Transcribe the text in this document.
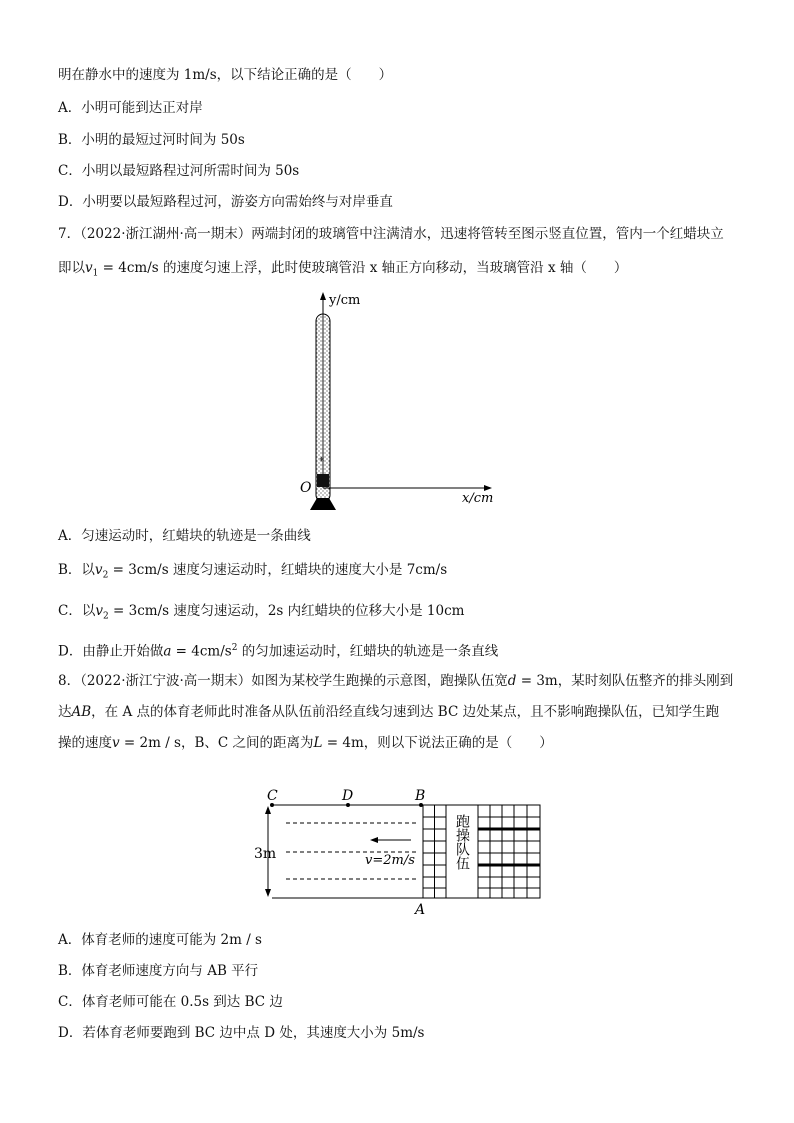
明在静水中的速度为 1m/s，以下结论正确的是（　　）
A．小明可能到达正对岸
B．小明的最短过河时间为 50s
C．小明以最短路程过河所需时间为 50s
D．小明要以最短路程过河，游姿方向需始终与对岸垂直
7．（2022·浙江湖州·高一期末）两端封闭的玻璃管中注满清水，迅速将管转至图示竖直位置，管内一个红蜡块立
即以$v_1 = 4cm/s$ 的速度匀速上浮，此时使玻璃管沿 x 轴正方向移动，当玻璃管沿 x 轴（　　）
y/cm
x/cm
O
*
A．匀速运动时，红蜡块的轨迹是一条曲线
B．以$v_2 = 3cm/s$ 速度匀速运动时，红蜡块的速度大小是 7cm/s
C．以$v_2 = 3cm/s$ 速度匀速运动，2s 内红蜡块的位移大小是 10cm
D．由静止开始做$a = 4cm/s^2$ 的匀加速运动时，红蜡块的轨迹是一条直线
8．（2022·浙江宁波·高一期末）如图为某校学生跑操的示意图，跑操队伍宽d = 3m，某时刻队伍整齐的排头刚到
达AB，在 A 点的体育老师此时准备从队伍前沿经直线匀速到达 BC 边处某点，且不影响跑操队伍，已知学生跑
操的速度v = 2m / s，B、C 之间的距离为L = 4m，则以下说法正确的是（　　）
C	D	B
A
3m	v=2m/s	跑操队伍
A．体育老师的速度可能为 2m / s
B．体育老师速度方向与 AB 平行
C．体育老师可能在 0.5s 到达 BC 边
D．若体育老师要跑到 BC 边中点 D 处，其速度大小为 5m/s
